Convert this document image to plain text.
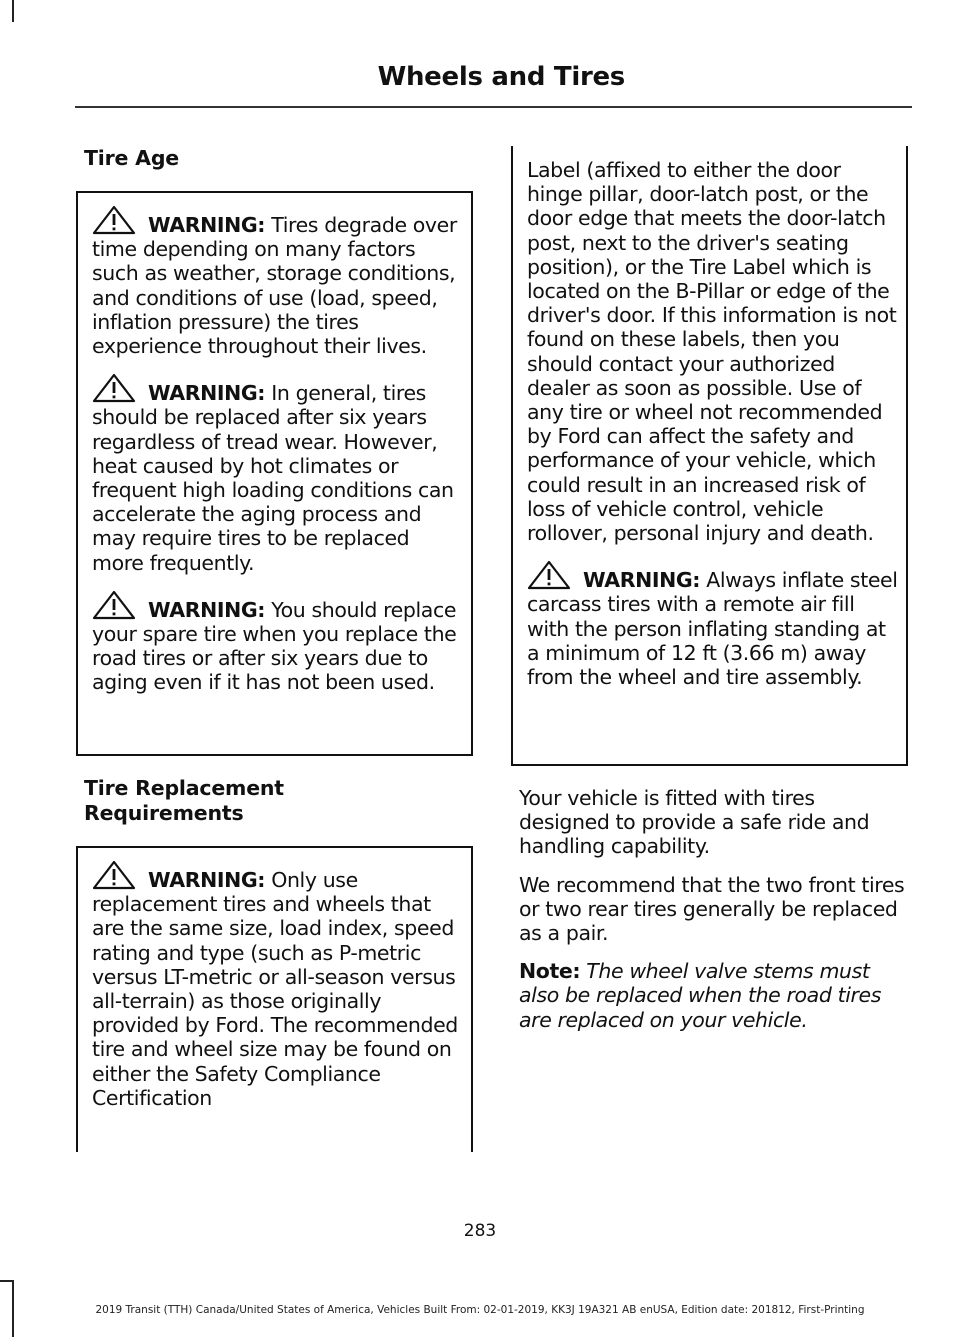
Wheels and Tires

Tire Age

WARNING: Tires degrade over time depending on many factors such as weather, storage conditions, and conditions of use (load, speed, inflation pressure) the tires experience throughout their lives.

WARNING: In general, tires should be replaced after six years regardless of tread wear. However, heat caused by hot climates or frequent high loading conditions can accelerate the aging process and may require tires to be replaced more frequently.

WARNING: You should replace your spare tire when you replace the road tires or after six years due to aging even if it has not been used.

Tire Replacement
Requirements

WARNING: Only use replacement tires and wheels that are the same size, load index, speed rating and type (such as P-metric versus LT-metric or all-season versus all-terrain) as those originally provided by Ford. The recommended tire and wheel size may be found on either the Safety Compliance Certification

Label (affixed to either the door hinge pillar, door-latch post, or the door edge that meets the door-latch post, next to the driver's seating position), or the Tire Label which is located on the B-Pillar or edge of the driver's door. If this information is not found on these labels, then you should contact your authorized dealer as soon as possible. Use of any tire or wheel not recommended by Ford can affect the safety and performance of your vehicle, which could result in an increased risk of loss of vehicle control, vehicle rollover, personal injury and death.

WARNING: Always inflate steel carcass tires with a remote air fill with the person inflating standing at a minimum of 12 ft (3.66 m) away from the wheel and tire assembly.

Your vehicle is fitted with tires designed to provide a safe ride and handling capability.

We recommend that the two front tires or two rear tires generally be replaced as a pair.

Note: The wheel valve stems must also be replaced when the road tires are replaced on your vehicle.

283
2019 Transit (TTH) Canada/United States of America, Vehicles Built From: 02-01-2019, KK3J 19A321 AB enUSA, Edition date: 201812, First-Printing
